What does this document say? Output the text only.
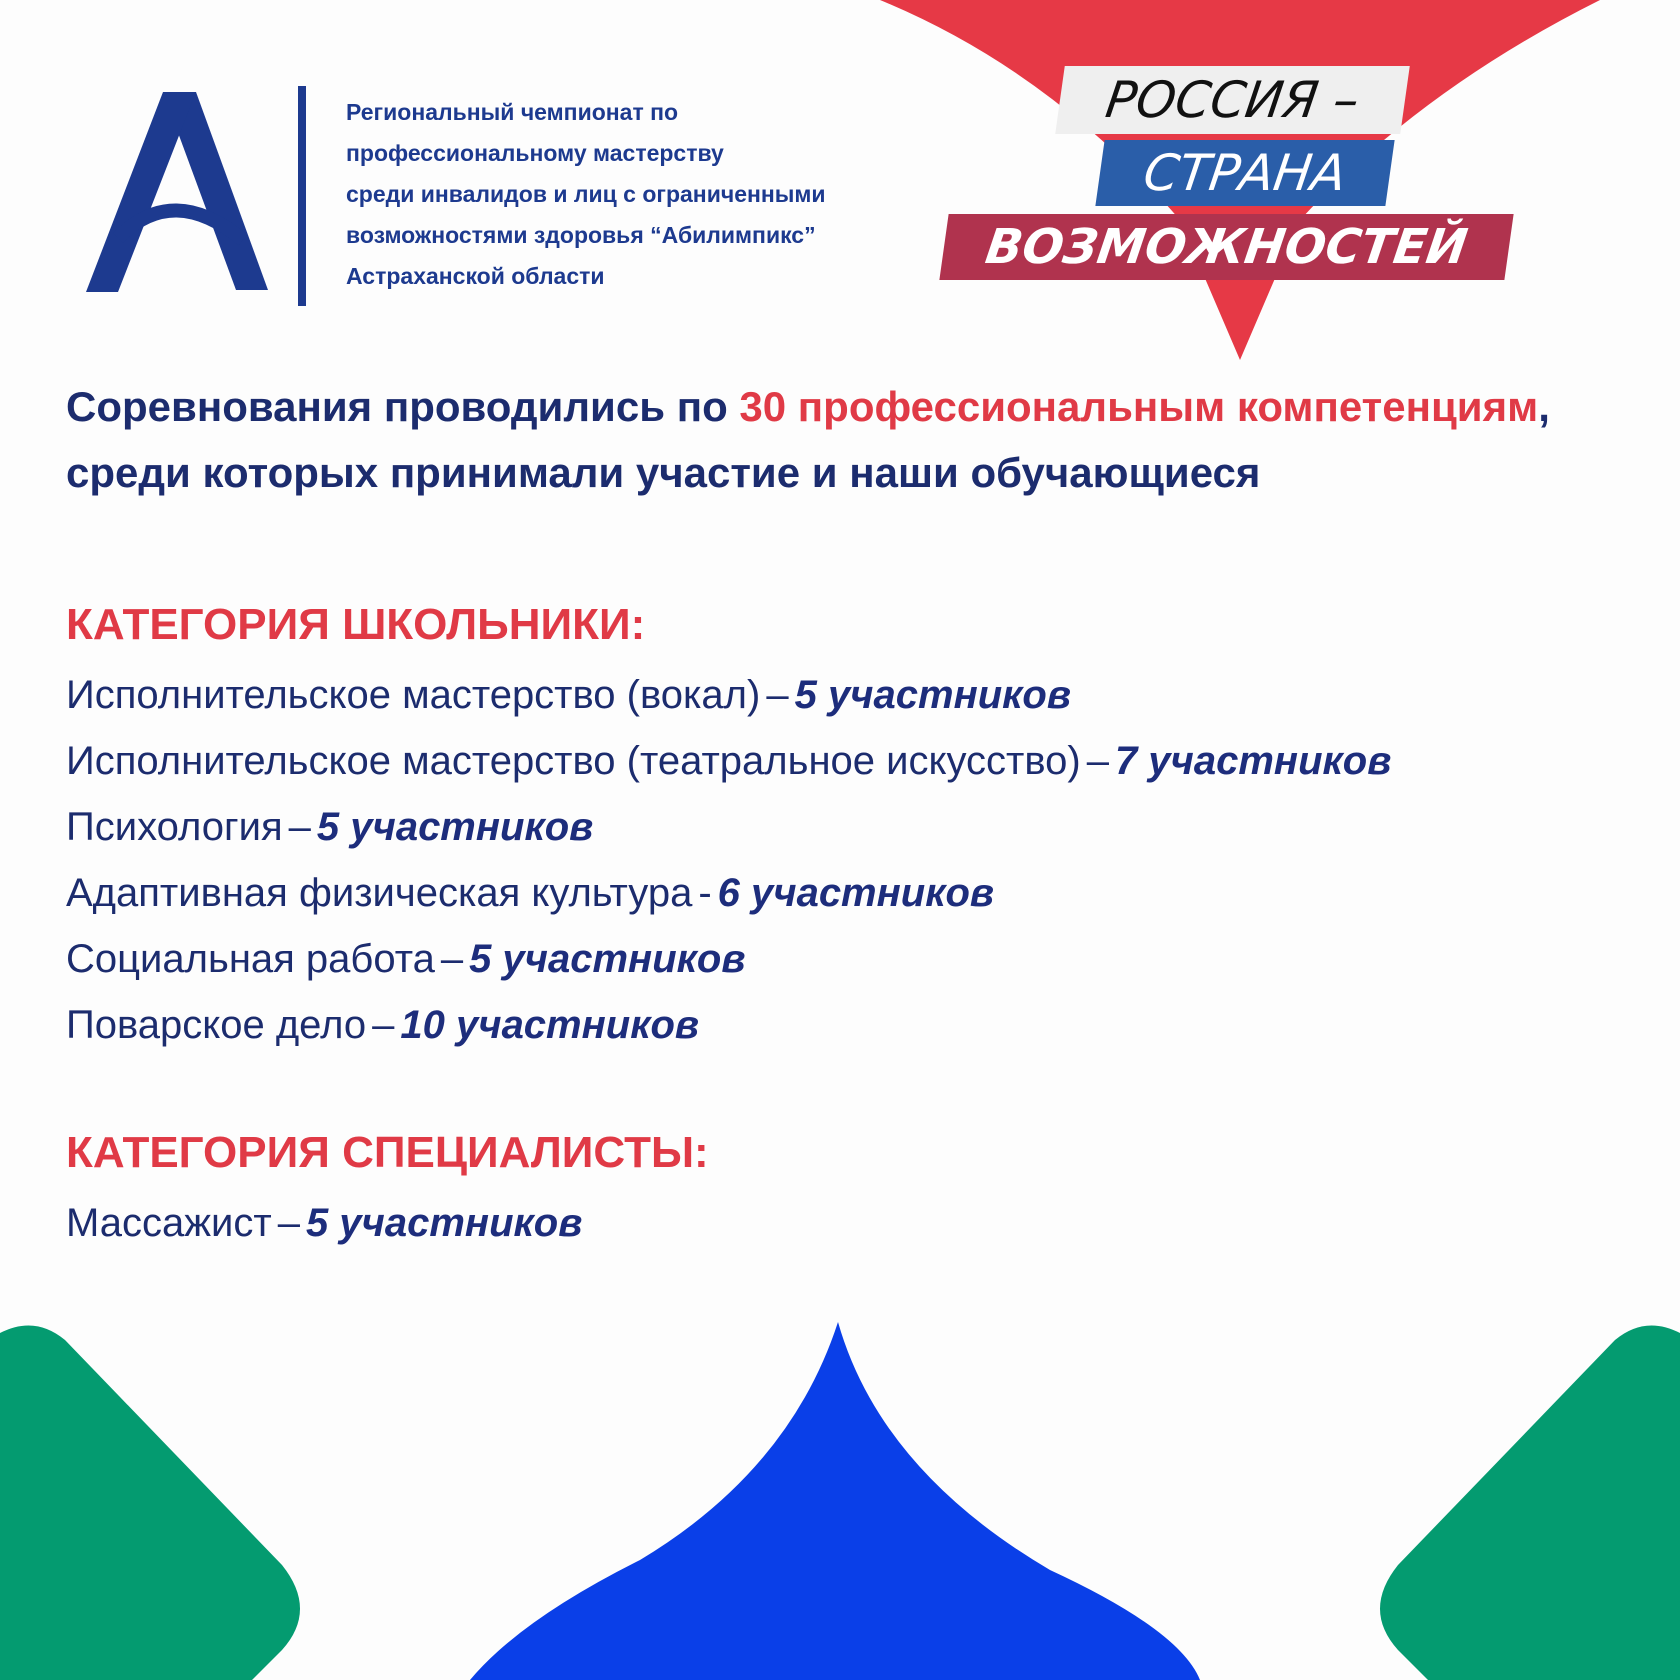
Региональный чемпионат по
профессиональному мастерству
среди инвалидов и лиц с ограниченными
возможностями здоровья “Абилимпикс”
Астраханской области
РОССИЯ –
СТРАНА
ВОЗМОЖНОСТЕЙ
Соревнования проводились по 30 профессиональным компетенциям, среди которых принимали участие и наши обучающиеся
КАТЕГОРИЯ ШКОЛЬНИКИ:
Исполнительское мастерство (вокал) – 5 участников
Исполнительское мастерство (театральное искусство) – 7 участников
Психология – 5 участников
Адаптивная физическая культура - 6 участников
Социальная работа – 5 участников
Поварское дело – 10 участников
КАТЕГОРИЯ СПЕЦИАЛИСТЫ:
Массажист – 5 участников
